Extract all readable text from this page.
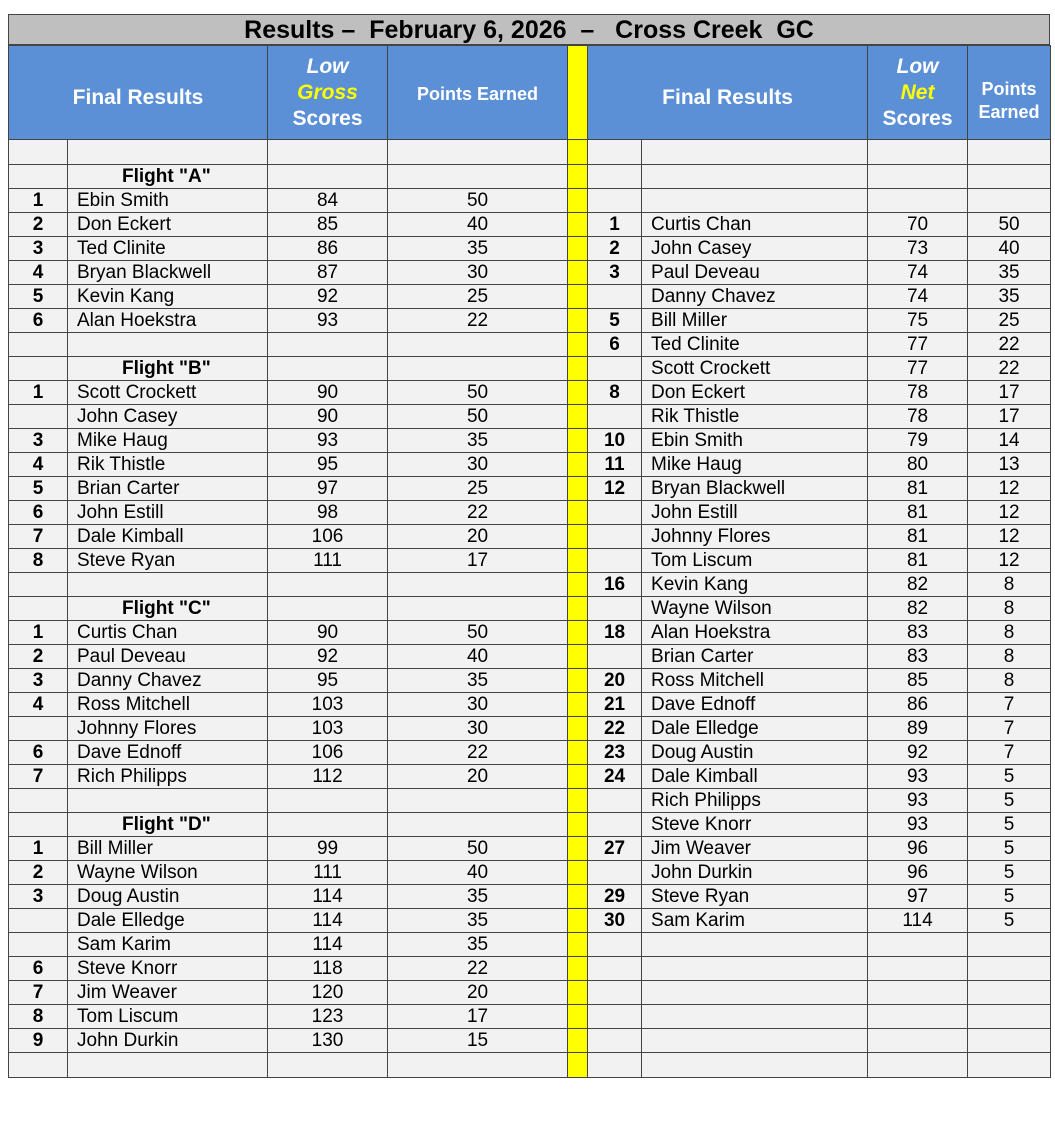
Results –  February 6, 2026  –   Cross Creek  GC
Final Results		Low
Gross
Scores	Points Earned		Final Results		Low
Net
Scores	Points
Earned

	Flight "A"							
1	Ebin Smith	84	50					
2	Don Eckert	85	40		1	Curtis Chan	70	50
3	Ted Clinite	86	35		2	John Casey	73	40
4	Bryan Blackwell	87	30		3	Paul Deveau	74	35
5	Kevin Kang	92	25			Danny Chavez	74	35
6	Alan Hoekstra	93	22		5	Bill Miller	75	25
					6	Ted Clinite	77	22
	Flight "B"					Scott Crockett	77	22
1	Scott Crockett	90	50		8	Don Eckert	78	17
	John Casey	90	50			Rik Thistle	78	17
3	Mike Haug	93	35		10	Ebin Smith	79	14
4	Rik Thistle	95	30		11	Mike Haug	80	13
5	Brian Carter	97	25		12	Bryan Blackwell	81	12
6	John Estill	98	22			John Estill	81	12
7	Dale Kimball	106	20			Johnny Flores	81	12
8	Steve Ryan	111	17			Tom Liscum	81	12
					16	Kevin Kang	82	8
	Flight "C"					Wayne Wilson	82	8
1	Curtis Chan	90	50		18	Alan Hoekstra	83	8
2	Paul Deveau	92	40			Brian Carter	83	8
3	Danny Chavez	95	35		20	Ross Mitchell	85	8
4	Ross Mitchell	103	30		21	Dave Ednoff	86	7
	Johnny Flores	103	30		22	Dale Elledge	89	7
6	Dave Ednoff	106	22		23	Doug Austin	92	7
7	Rich Philipps	112	20		24	Dale Kimball	93	5
						Rich Philipps	93	5
	Flight "D"					Steve Knorr	93	5
1	Bill Miller	99	50		27	Jim Weaver	96	5
2	Wayne Wilson	111	40			John Durkin	96	5
3	Doug Austin	114	35		29	Steve Ryan	97	5
	Dale Elledge	114	35		30	Sam Karim	114	5
	Sam Karim	114	35					
6	Steve Knorr	118	22					
7	Jim Weaver	120	20					
8	Tom Liscum	123	17					
9	John Durkin	130	15					
